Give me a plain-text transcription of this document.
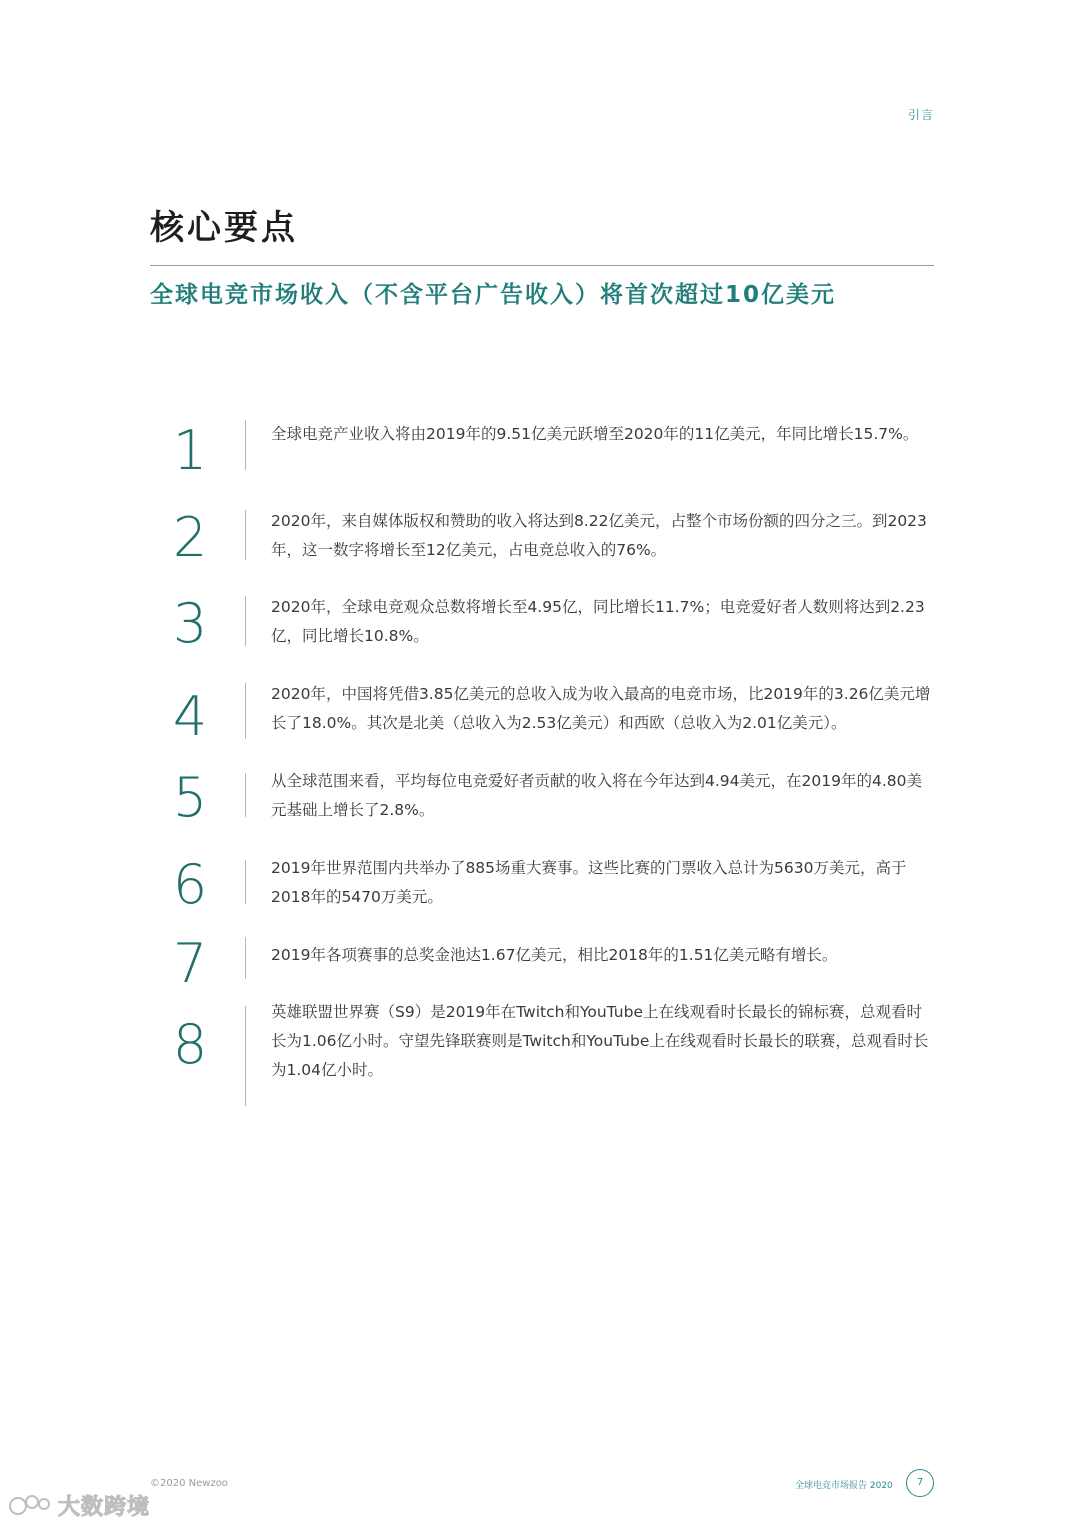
引言
核心要点
全球电竞市场收入（不含平台广告收入）将首次超过10亿美元
1	全球电竞产业收入将由2019年的9.51亿美元跃增至2020年的11亿美元，年同比增长15.7%。
2	2020年，来自媒体版权和赞助的收入将达到8.22亿美元，占整个市场份额的四分之三。到2023年，这一数字将增长至12亿美元，占电竞总收入的76%。
3	2020年，全球电竞观众总数将增长至4.95亿，同比增长11.7%；电竞爱好者人数则将达到2.23亿，同比增长10.8%。
4	2020年，中国将凭借3.85亿美元的总收入成为收入最高的电竞市场，比2019年的3.26亿美元增长了18.0%。其次是北美（总收入为2.53亿美元）和西欧（总收入为2.01亿美元）。
5	从全球范围来看，平均每位电竞爱好者贡献的收入将在今年达到4.94美元，在2019年的4.80美元基础上增长了2.8%。
6	2019年世界范围内共举办了885场重大赛事。这些比赛的门票收入总计为5630万美元，高于2018年的5470万美元。
7	2019年各项赛事的总奖金池达1.67亿美元，相比2018年的1.51亿美元略有增长。
8
英雄联盟世界赛（S9）是2019年在Twitch和YouTube上在线观看时长最长的锦标赛，总观看时长为1.06亿小时。守望先锋联赛则是Twitch和YouTube上在线观看时长最长的联赛，总观看时长为1.04亿小时。
©2020 Newzoo	全球电竞市场报告 2020	7
大数跨境
